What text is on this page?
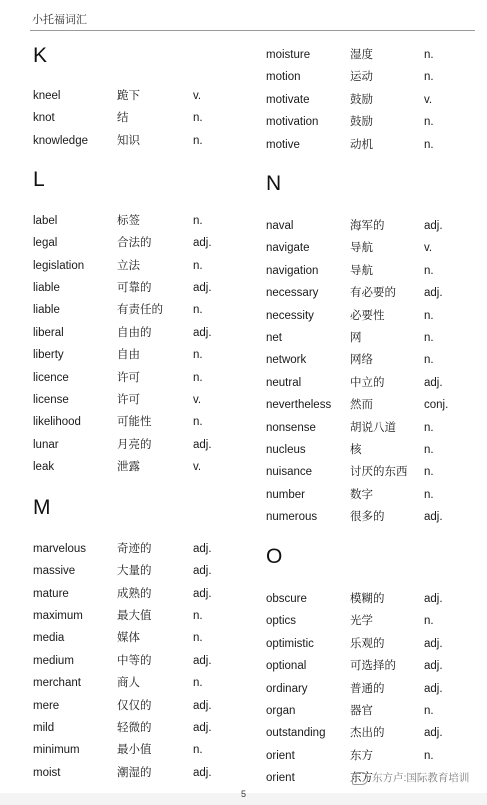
小托福词汇
K
kneel	跪下	v.
knot	结	n.
knowledge	知识	n.
L
label	标签	n.
legal	合法的	adj.
legislation	立法	n.
liable	可靠的	adj.
liable	有责任的	n.
liberal	自由的	adj.
liberty	自由	n.
licence	许可	n.
license	许可	v.
likelihood	可能性	n.
lunar	月亮的	adj.
leak	泄露	v.
M
marvelous	奇迹的	adj.
massive	大量的	adj.
mature	成熟的	adj.
maximum	最大值	n.
media	媒体	n.
medium	中等的	adj.
merchant	商人	n.
mere	仅仅的	adj.
mild	轻微的	adj.
minimum	最小值	n.
moist	潮湿的	adj.
moisture	湿度	n.
motion	运动	n.
motivate	鼓励	v.
motivation	鼓励	n.
motive	动机	n.
N
naval	海军的	adj.
navigate	导航	v.
navigation	导航	n.
necessary	有必要的 adj.
necessity	必要性	n.
net	网	n.
network	网络	n.
neutral	中立的	adj.
nevertheless 然而	conj.
nonsense	胡说八道 n.
nucleus	核	n.
nuisance	讨厌的东西 n.
number	数字	n.
numerous	很多的	adj.
O
obscure	模糊的	adj.
optics	光学	n.
optimistic	乐观的	adj.
optional	可选择的 adj.
ordinary	普通的	adj.
organ	器官	n.
outstanding 杰出的	adj.
orient	东方	n.
orient	东方 东方卢:国际教育培训
5
